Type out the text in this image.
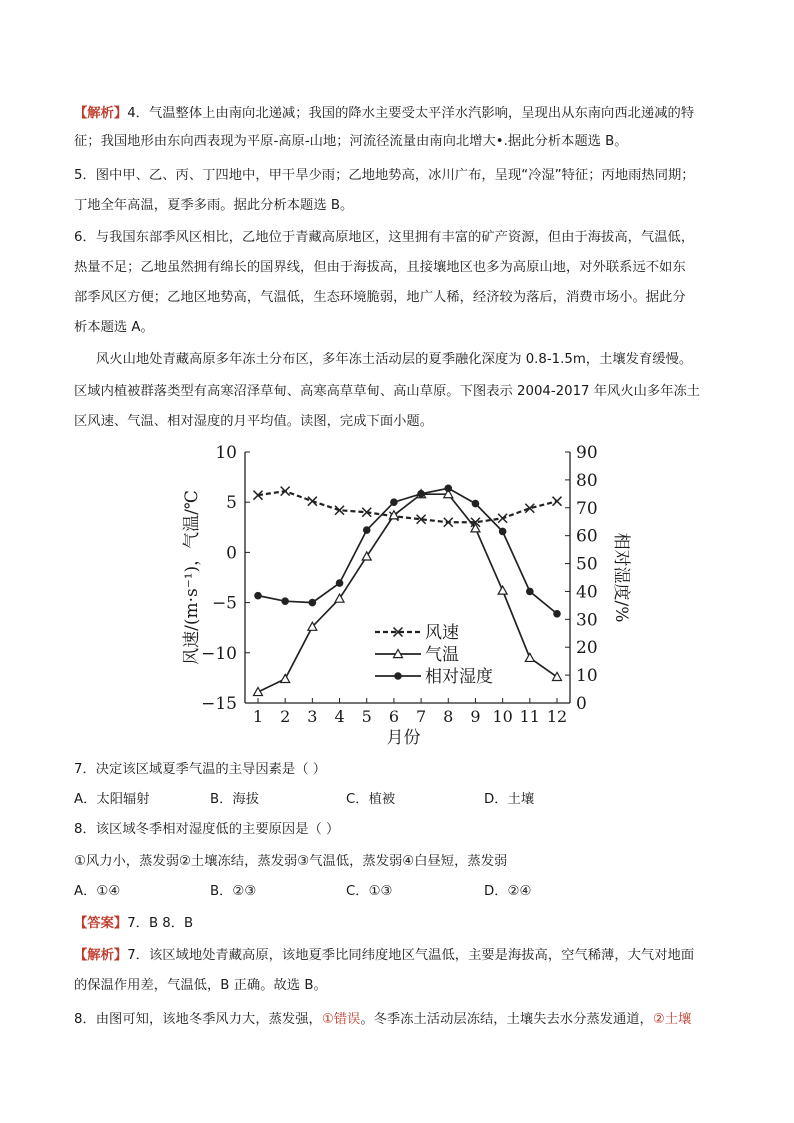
【解析】4．气温整体上由南向北递减；我国的降水主要受太平洋水汽影响，呈现出从东南向西北递减的特
征；我国地形由东向西表现为平原-高原-山地；河流径流量由南向北增大•.据此分析本题选 B。
5．图中甲、乙、丙、丁四地中，甲干旱少雨；乙地地势高，冰川广布，呈现“冷湿”特征；丙地雨热同期；
丁地全年高温，夏季多雨。据此分析本题选 B。
6．与我国东部季风区相比，乙地位于青藏高原地区，这里拥有丰富的矿产资源，但由于海拔高，气温低，
热量不足；乙地虽然拥有绵长的国界线，但由于海拔高，且接壤地区也多为高原山地，对外联系远不如东
部季风区方便；乙地区地势高，气温低，生态环境脆弱，地广人稀，经济较为落后，消费市场小。据此分
析本题选 A。
风火山地处青藏高原多年冻土分布区，多年冻土活动层的夏季融化深度为 0.8-1.5m，土壤发育缓慢。
区域内植被群落类型有高寒沼泽草甸、高寒高草草甸、高山草原。下图表示 2004-2017 年风火山多年冻土
区风速、气温、相对湿度的月平均值。读图，完成下面小题。
10
5
0
−5
−10
−15
90
80
70
60
50
40
30
20
10
0
1 2 3 4 5 6 7 8 9 10 11 12
月份
风速/(m·s⁻¹)，气温/℃	相对湿度/%
风速
气温
相对湿度
7．决定该区域夏季气温的主导因素是（ ）
A．太阳辐射	B．海拔	C．植被	D．土壤
8．该区域冬季相对湿度低的主要原因是（ ）
①风力小，蒸发弱②土壤冻结，蒸发弱③气温低，蒸发弱④白昼短，蒸发弱
A．①④	B．②③	C．①③	D．②④
【答案】7．B 8．B
【解析】7．该区域地处青藏高原，该地夏季比同纬度地区气温低，主要是海拔高，空气稀薄，大气对地面
的保温作用差，气温低，B 正确。故选 B。
8．由图可知，该地冬季风力大，蒸发强，①错误。冬季冻土活动层冻结，土壤失去水分蒸发通道，②土壤
